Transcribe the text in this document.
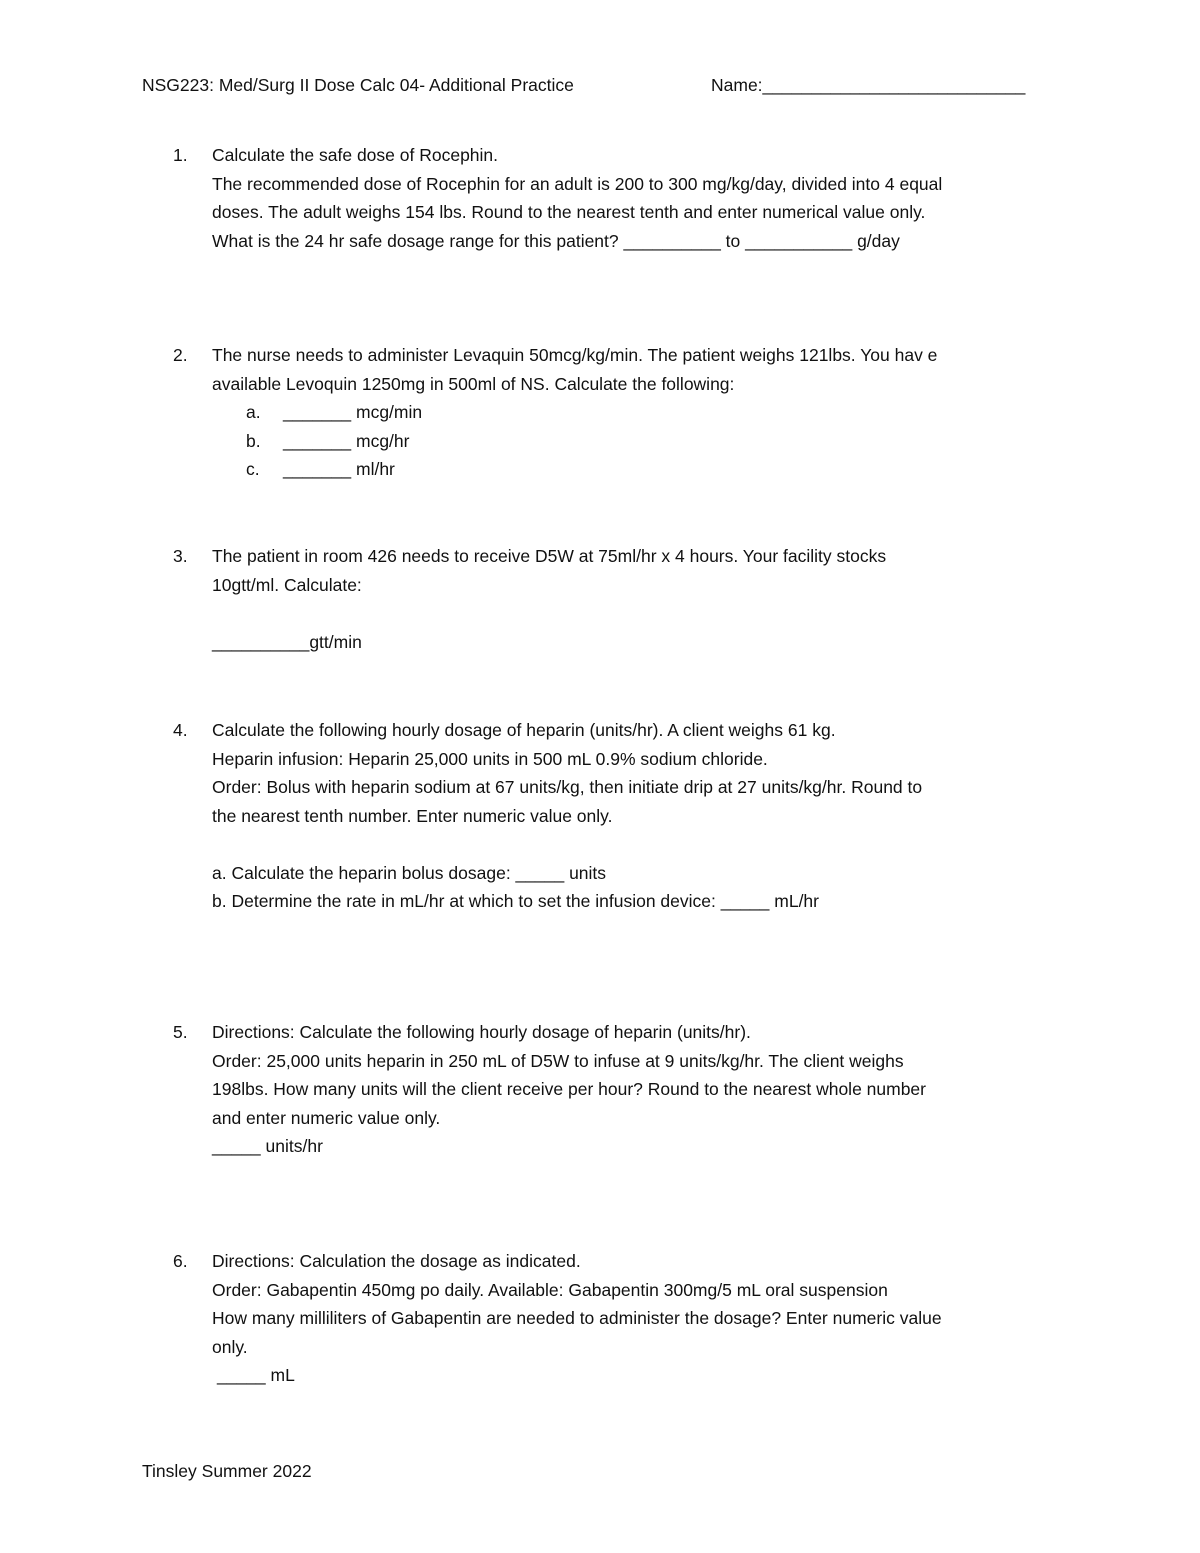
NSG223: Med/Surg II Dose Calc 04- Additional Practice	Name:___________________________
1. Calculate the safe dose of Rocephin.
The recommended dose of Rocephin for an adult is 200 to 300 mg/kg/day, divided into 4 equal
doses. The adult weighs 154 lbs. Round to the nearest tenth and enter numerical value only.
What is the 24 hr safe dosage range for this patient? __________ to ___________ g/day
2. The nurse needs to administer Levaquin 50mcg/kg/min. The patient weighs 121lbs. You hav e
available Levoquin 1250mg in 500ml of NS. Calculate the following:
a. _______ mcg/min
b. _______ mcg/hr
c. _______ ml/hr
3. The patient in room 426 needs to receive D5W at 75ml/hr x 4 hours. Your facility stocks
10gtt/ml. Calculate:
__________gtt/min
4. Calculate the following hourly dosage of heparin (units/hr). A client weighs 61 kg.
Heparin infusion: Heparin 25,000 units in 500 mL 0.9% sodium chloride.
Order: Bolus with heparin sodium at 67 units/kg, then initiate drip at 27 units/kg/hr. Round to
the nearest tenth number. Enter numeric value only.
a. Calculate the heparin bolus dosage: _____ units
b. Determine the rate in mL/hr at which to set the infusion device: _____ mL/hr
5. Directions: Calculate the following hourly dosage of heparin (units/hr).
Order: 25,000 units heparin in 250 mL of D5W to infuse at 9 units/kg/hr. The client weighs
198lbs. How many units will the client receive per hour? Round to the nearest whole number
and enter numeric value only.
_____ units/hr
6. Directions: Calculation the dosage as indicated.
Order: Gabapentin 450mg po daily. Available: Gabapentin 300mg/5 mL oral suspension
How many milliliters of Gabapentin are needed to administer the dosage? Enter numeric value
only.
_____ mL
Tinsley Summer 2022
